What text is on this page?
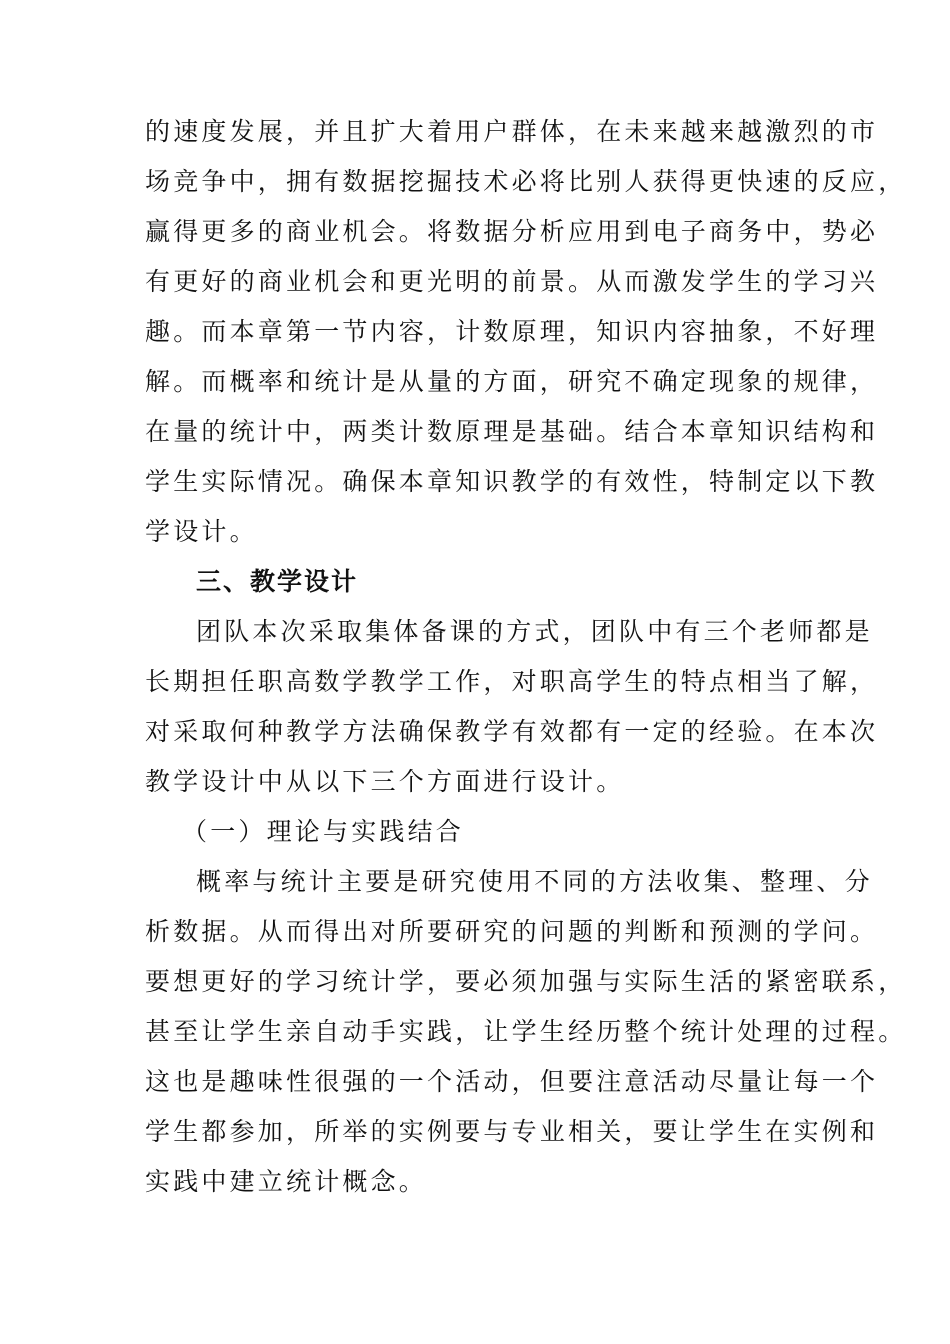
的速度发展，并且扩大着用户群体，在未来越来越激烈的市
场竞争中，拥有数据挖掘技术必将比别人获得更快速的反应，
赢得更多的商业机会。将数据分析应用到电子商务中，势必
有更好的商业机会和更光明的前景。从而激发学生的学习兴
趣。而本章第一节内容，计数原理，知识内容抽象，不好理
解。而概率和统计是从量的方面，研究不确定现象的规律，
在量的统计中，两类计数原理是基础。结合本章知识结构和
学生实际情况。确保本章知识教学的有效性，特制定以下教
学设计。
三、教学设计
团队本次采取集体备课的方式，团队中有三个老师都是
长期担任职高数学教学工作，对职高学生的特点相当了解，
对采取何种教学方法确保教学有效都有一定的经验。在本次
教学设计中从以下三个方面进行设计。
（一）理论与实践结合
概率与统计主要是研究使用不同的方法收集、整理、分
析数据。从而得出对所要研究的问题的判断和预测的学问。
要想更好的学习统计学，要必须加强与实际生活的紧密联系，
甚至让学生亲自动手实践，让学生经历整个统计处理的过程。
这也是趣味性很强的一个活动，但要注意活动尽量让每一个
学生都参加，所举的实例要与专业相关，要让学生在实例和
实践中建立统计概念。
